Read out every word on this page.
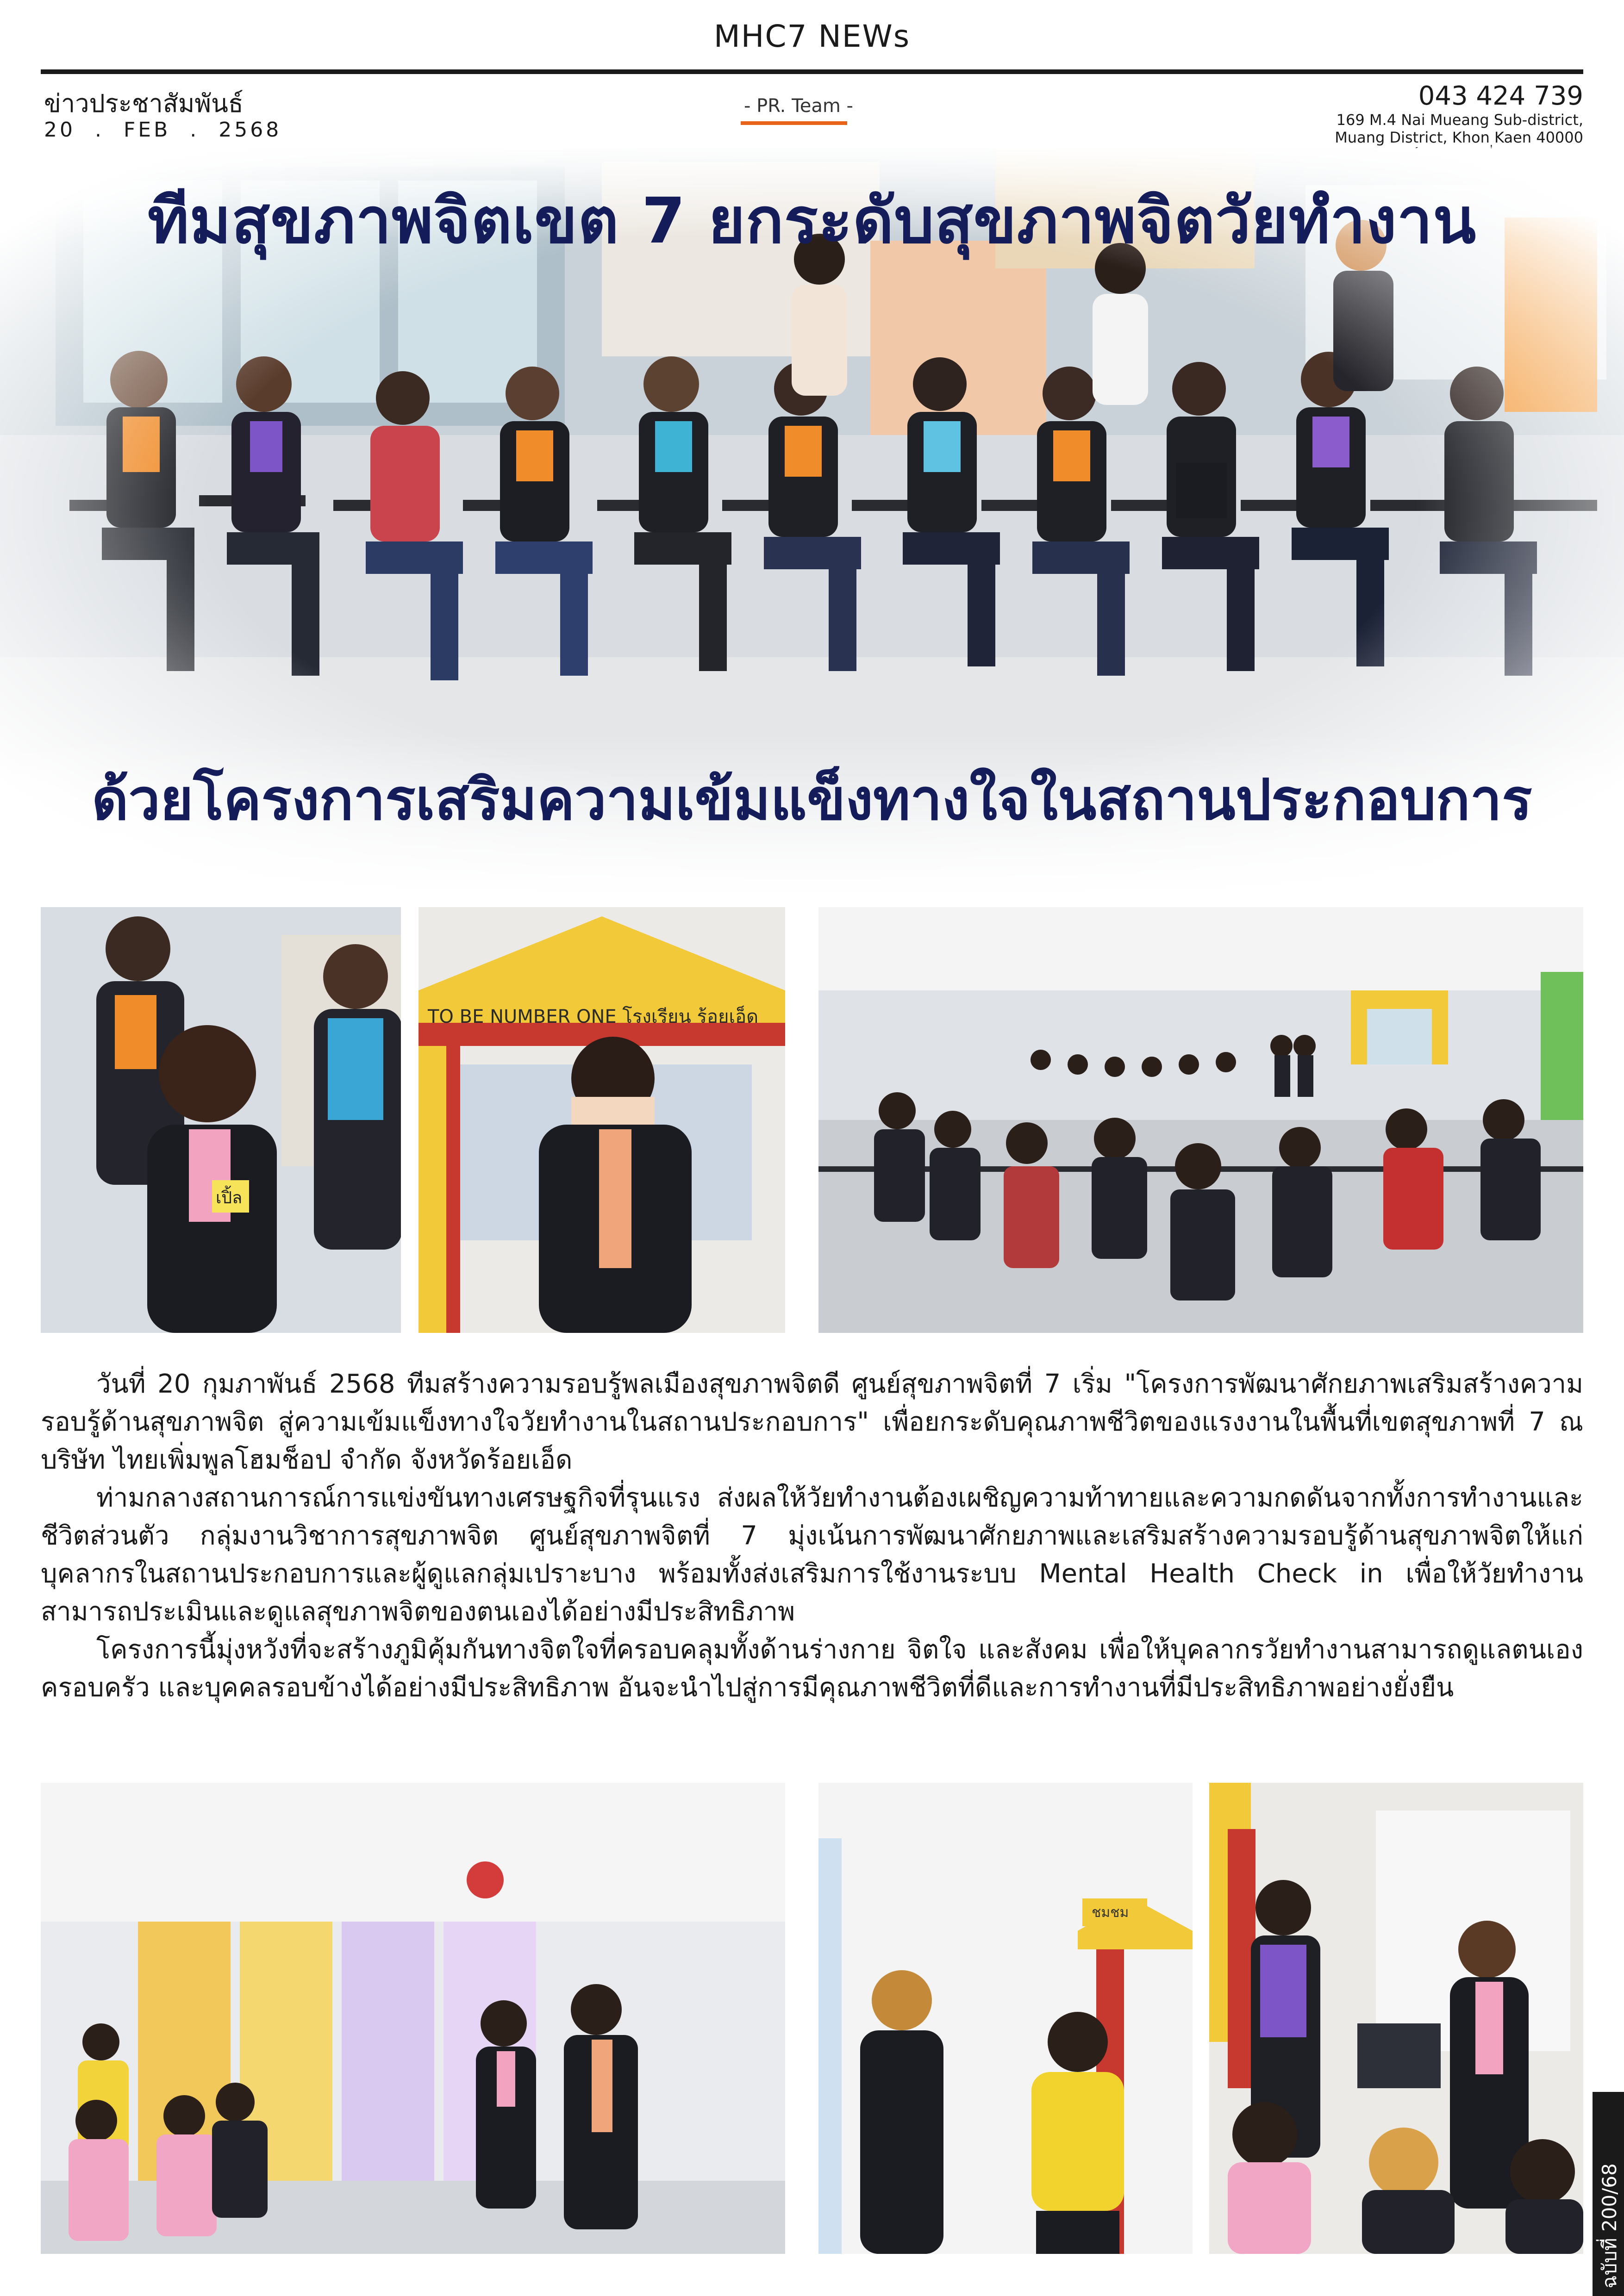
MHC7 NEWs
ข่าวประชาสัมพันธ์
20 . FEB . 2568
- PR. Team -	043 424 739
169 M.4 Nai Mueang Sub-district,
Muang District, Khon Kaen 40000
ทีมสุขภาพจิตเขต 7 ยกระดับสุขภาพจิตวัยทำงาน
ด้วยโครงการเสริมความเข้มแข็งทางใจในสถานประกอบการ
เปิ้ล
TO BE NUMBER ONE โรงเรียน ร้อยเอ็ด

วันที่ 20 กุมภาพันธ์ 2568 ทีมสร้างความรอบรู้พลเมืองสุขภาพจิตดี ศูนย์สุขภาพจิตที่ 7 เริ่ม "โครงการพัฒนาศักยภาพเสริมสร้างความรอบรู้ด้านสุขภาพจิต สู่ความเข้มแข็งทางใจวัยทำงานในสถานประกอบการ" เพื่อยกระดับคุณภาพชีวิตของแรงงานในพื้นที่เขตสุขภาพที่ 7 ณ บริษัท ไทยเพิ่มพูลโฮมช็อป จำกัด จังหวัดร้อยเอ็ด

ท่ามกลางสถานการณ์การแข่งขันทางเศรษฐกิจที่รุนแรง ส่งผลให้วัยทำงานต้องเผชิญความท้าทายและความกดดันจากทั้งการทำงานและชีวิตส่วนตัว กลุ่มงานวิชาการสุขภาพจิต ศูนย์สุขภาพจิตที่ 7 มุ่งเน้นการพัฒนาศักยภาพและเสริมสร้างความรอบรู้ด้านสุขภาพจิตให้แก่บุคลากรในสถานประกอบการและผู้ดูแลกลุ่มเปราะบาง พร้อมทั้งส่งเสริมการใช้งานระบบ Mental Health Check in เพื่อให้วัยทำงานสามารถประเมินและดูแลสุขภาพจิตของตนเองได้อย่างมีประสิทธิภาพ

โครงการนี้มุ่งหวังที่จะสร้างภูมิคุ้มกันทางจิตใจที่ครอบคลุมทั้งด้านร่างกาย จิตใจ และสังคม เพื่อให้บุคลากรวัยทำงานสามารถดูแลตนเอง ครอบครัว และบุคคลรอบข้างได้อย่างมีประสิทธิภาพ อันจะนำไปสู่การมีคุณภาพชีวิตที่ดีและการทำงานที่มีประสิทธิภาพอย่างยั่งยืน

ชมชม
ฉบับที่ 200/68
